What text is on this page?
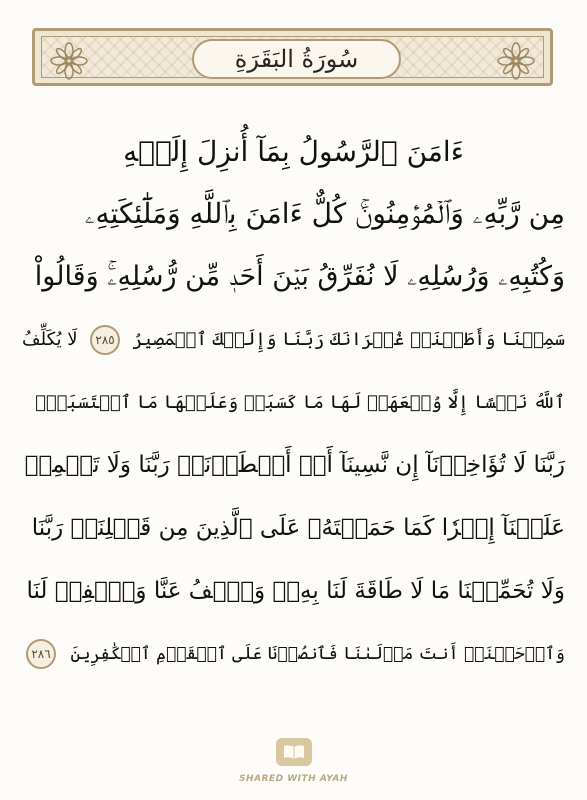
سُورَةُ البَقَرَةِ
ءَامَنَ ٱلرَّسُولُ بِمَآ أُنزِلَ إِلَيۡهِ
مِن رَّبِّهِۦ وَٱلۡمُؤۡمِنُونَۚ كُلٌّ ءَامَنَ بِٱللَّهِ وَمَلَٰٓئِكَتِهِۦ
وَكُتُبِهِۦ وَرُسُلِهِۦ لَا نُفَرِّقُ بَيۡنَ أَحَدٖ مِّن رُّسُلِهِۦۚ وَقَالُواْ
سَمِعۡنَا وَأَطَعۡنَاۖ غُفۡرَانَكَ رَبَّنَا وَإِلَيۡكَ ٱلۡمَصِيرُ
٢٨٥
لَا يُكَلِّفُ
ٱللَّهُ نَفۡسًا إِلَّا وُسۡعَهَاۚ لَهَا مَا كَسَبَتۡ وَعَلَيۡهَا مَا ٱكۡتَسَبَتۡۗ
رَبَّنَا لَا تُؤَاخِذۡنَآ إِن نَّسِينَآ أَوۡ أَخۡطَأۡنَاۚ رَبَّنَا وَلَا تَحۡمِلۡ
عَلَيۡنَآ إِصۡرٗا كَمَا حَمَلۡتَهُۥ عَلَى ٱلَّذِينَ مِن قَبۡلِنَاۚ رَبَّنَا
وَلَا تُحَمِّلۡنَا مَا لَا طَاقَةَ لَنَا بِهِۦۖ وَٱعۡفُ عَنَّا وَٱغۡفِرۡ لَنَا
وَٱرۡحَمۡنَآۚ أَنتَ مَوۡلَىٰنَا فَٱنصُرۡنَا عَلَى ٱلۡقَوۡمِ ٱلۡكَٰفِرِينَ
٢٨٦
SHARED WITH AYAH
